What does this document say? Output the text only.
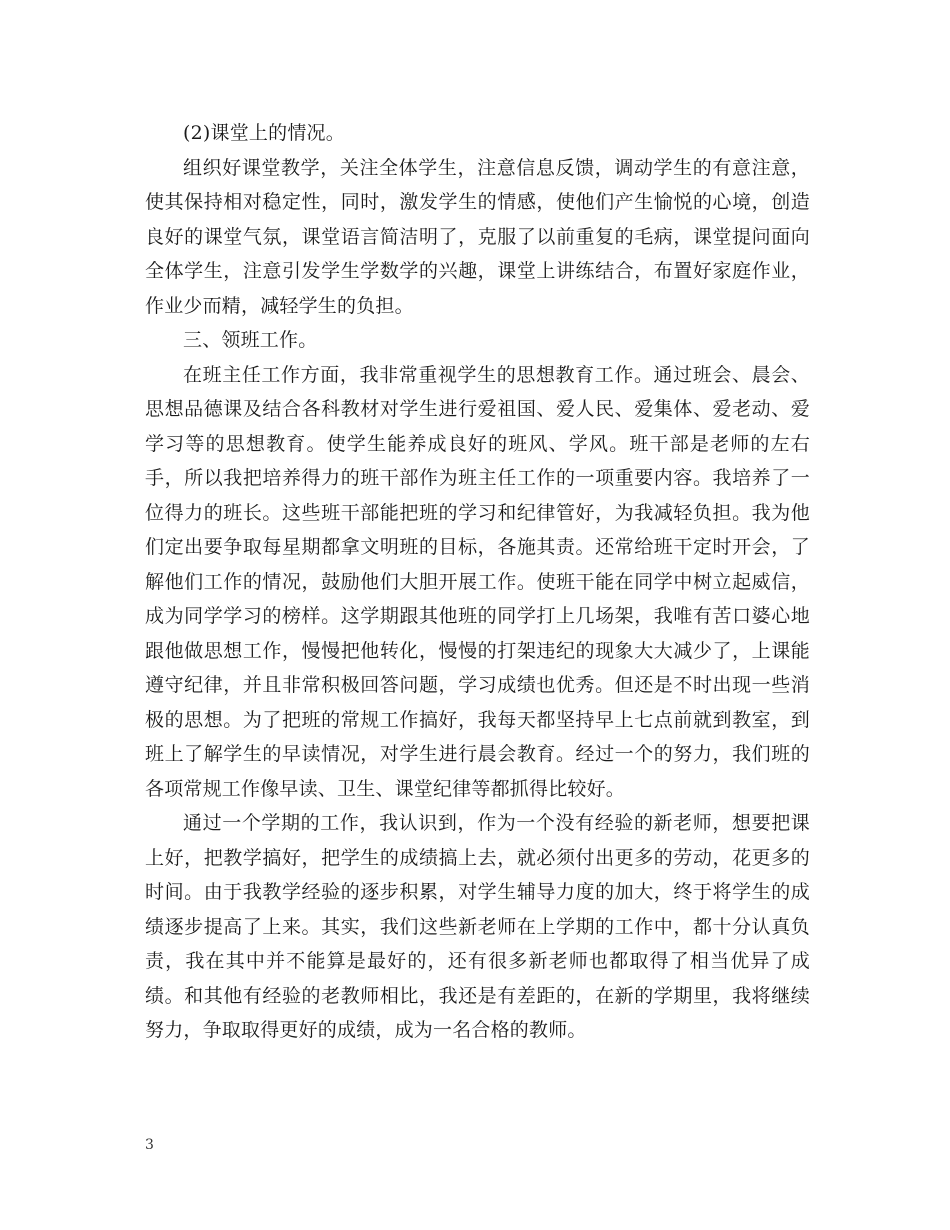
(2)课堂上的情况。

组织好课堂教学，关注全体学生，注意信息反馈，调动学生的有意注意，使其保持相对稳定性，同时，激发学生的情感，使他们产生愉悦的心境，创造良好的课堂气氛，课堂语言简洁明了，克服了以前重复的毛病，课堂提问面向全体学生，注意引发学生学数学的兴趣，课堂上讲练结合，布置好家庭作业，作业少而精，减轻学生的负担。

三、领班工作。

在班主任工作方面，我非常重视学生的思想教育工作。通过班会、晨会、思想品德课及结合各科教材对学生进行爱祖国、爱人民、爱集体、爱老动、爱学习等的思想教育。使学生能养成良好的班风、学风。班干部是老师的左右手，所以我把培养得力的班干部作为班主任工作的一项重要内容。我培养了一位得力的班长。这些班干部能把班的学习和纪律管好，为我减轻负担。我为他们定出要争取每星期都拿文明班的目标，各施其责。还常给班干定时开会，了解他们工作的情况，鼓励他们大胆开展工作。使班干能在同学中树立起威信，成为同学学习的榜样。这学期跟其他班的同学打上几场架，我唯有苦口婆心地跟他做思想工作，慢慢把他转化，慢慢的打架违纪的现象大大减少了，上课能遵守纪律，并且非常积极回答问题，学习成绩也优秀。但还是不时出现一些消极的思想。为了把班的常规工作搞好，我每天都坚持早上七点前就到教室，到班上了解学生的早读情况，对学生进行晨会教育。经过一个的努力，我们班的各项常规工作像早读、卫生、课堂纪律等都抓得比较好。

通过一个学期的工作，我认识到，作为一个没有经验的新老师，想要把课上好，把教学搞好，把学生的成绩搞上去，就必须付出更多的劳动，花更多的时间。由于我教学经验的逐步积累，对学生辅导力度的加大，终于将学生的成绩逐步提高了上来。其实，我们这些新老师在上学期的工作中，都十分认真负责，我在其中并不能算是最好的，还有很多新老师也都取得了相当优异了成绩。和其他有经验的老教师相比，我还是有差距的，在新的学期里，我将继续努力，争取取得更好的成绩，成为一名合格的教师。

3
